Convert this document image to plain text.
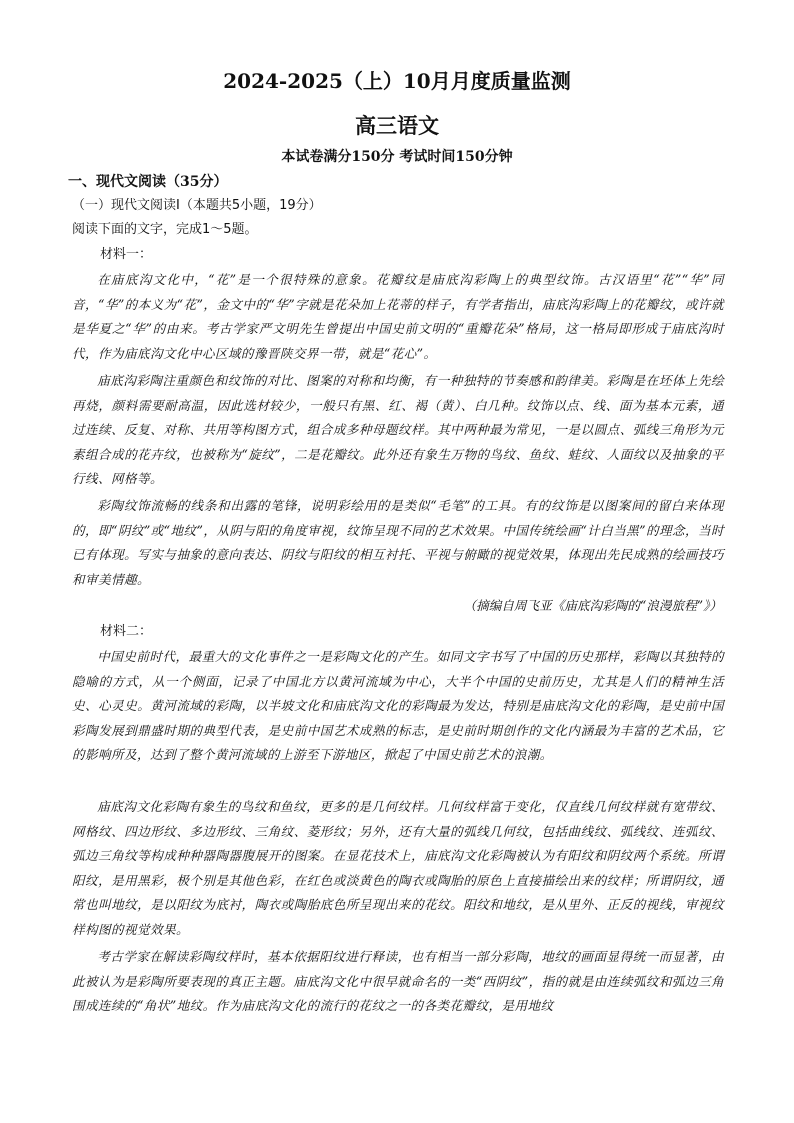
2024-2025（上）10月月度质量监测
高三语文
本试卷满分150分 考试时间150分钟
一、现代文阅读（35分）
（一）现代文阅读Ⅰ（本题共5小题，19分）
阅读下面的文字，完成1～5题。
材料一：

在庙底沟文化中，“花”是一个很特殊的意象。花瓣纹是庙底沟彩陶上的典型纹饰。古汉语里“花”“华”同音，“华”的本义为“花”，金文中的“华”字就是花朵加上花蒂的样子，有学者指出，庙底沟彩陶上的花瓣纹，或许就是华夏之“华”的由来。考古学家严文明先生曾提出中国史前文明的“重瓣花朵”格局，这一格局即形成于庙底沟时代，作为庙底沟文化中心区域的豫晋陕交界一带，就是“花心”。

庙底沟彩陶注重颜色和纹饰的对比、图案的对称和均衡，有一种独特的节奏感和韵律美。彩陶是在坯体上先绘再烧，颜料需要耐高温，因此选材较少，一般只有黑、红、褐（黄）、白几种。纹饰以点、线、面为基本元素，通过连续、反复、对称、共用等构图方式，组合成多种母题纹样。其中两种最为常见，一是以圆点、弧线三角形为元素组合成的花卉纹，也被称为“旋纹”，二是花瓣纹。此外还有象生万物的鸟纹、鱼纹、蛙纹、人面纹以及抽象的平行线、网格等。

彩陶纹饰流畅的线条和出露的笔锋，说明彩绘用的是类似“毛笔”的工具。有的纹饰是以图案间的留白来体现的，即“阴纹”或“地纹”，从阴与阳的角度审视，纹饰呈现不同的艺术效果。中国传统绘画“计白当黑”的理念，当时已有体现。写实与抽象的意向表达、阴纹与阳纹的相互衬托、平视与俯瞰的视觉效果，体现出先民成熟的绘画技巧和审美情趣。

（摘编自周飞亚《庙底沟彩陶的“浪漫旅程”》）
材料二：

中国史前时代，最重大的文化事件之一是彩陶文化的产生。如同文字书写了中国的历史那样，彩陶以其独特的隐喻的方式，从一个侧面，记录了中国北方以黄河流域为中心，大半个中国的史前历史，尤其是人们的精神生活史、心灵史。黄河流域的彩陶，以半坡文化和庙底沟文化的彩陶最为发达，特别是庙底沟文化的彩陶，是史前中国彩陶发展到鼎盛时期的典型代表，是史前中国艺术成熟的标志，是史前时期创作的文化内涵最为丰富的艺术品，它的影响所及，达到了整个黄河流域的上游至下游地区，掀起了中国史前艺术的浪潮。

庙底沟文化彩陶有象生的鸟纹和鱼纹，更多的是几何纹样。几何纹样富于变化，仅直线几何纹样就有宽带纹、网格纹、四边形纹、多边形纹、三角纹、菱形纹；另外，还有大量的弧线几何纹，包括曲线纹、弧线纹、连弧纹、弧边三角纹等构成种种器陶器腹展开的图案。在显花技术上，庙底沟文化彩陶被认为有阳纹和阴纹两个系统。所谓阳纹，是用黑彩，极个别是其他色彩，在红色或淡黄色的陶衣或陶胎的原色上直接描绘出来的纹样；所谓阴纹，通常也叫地纹，是以阳纹为底衬，陶衣或陶胎底色所呈现出来的花纹。阳纹和地纹，是从里外、正反的视线，审视纹样构图的视觉效果。

考古学家在解读彩陶纹样时，基本依据阳纹进行释读，也有相当一部分彩陶，地纹的画面显得统一而显著，由此被认为是彩陶所要表现的真正主题。庙底沟文化中很早就命名的一类“西阴纹”，指的就是由连续弧纹和弧边三角围成连续的“角状”地纹。作为庙底沟文化的流行的花纹之一的各类花瓣纹，是用地纹
